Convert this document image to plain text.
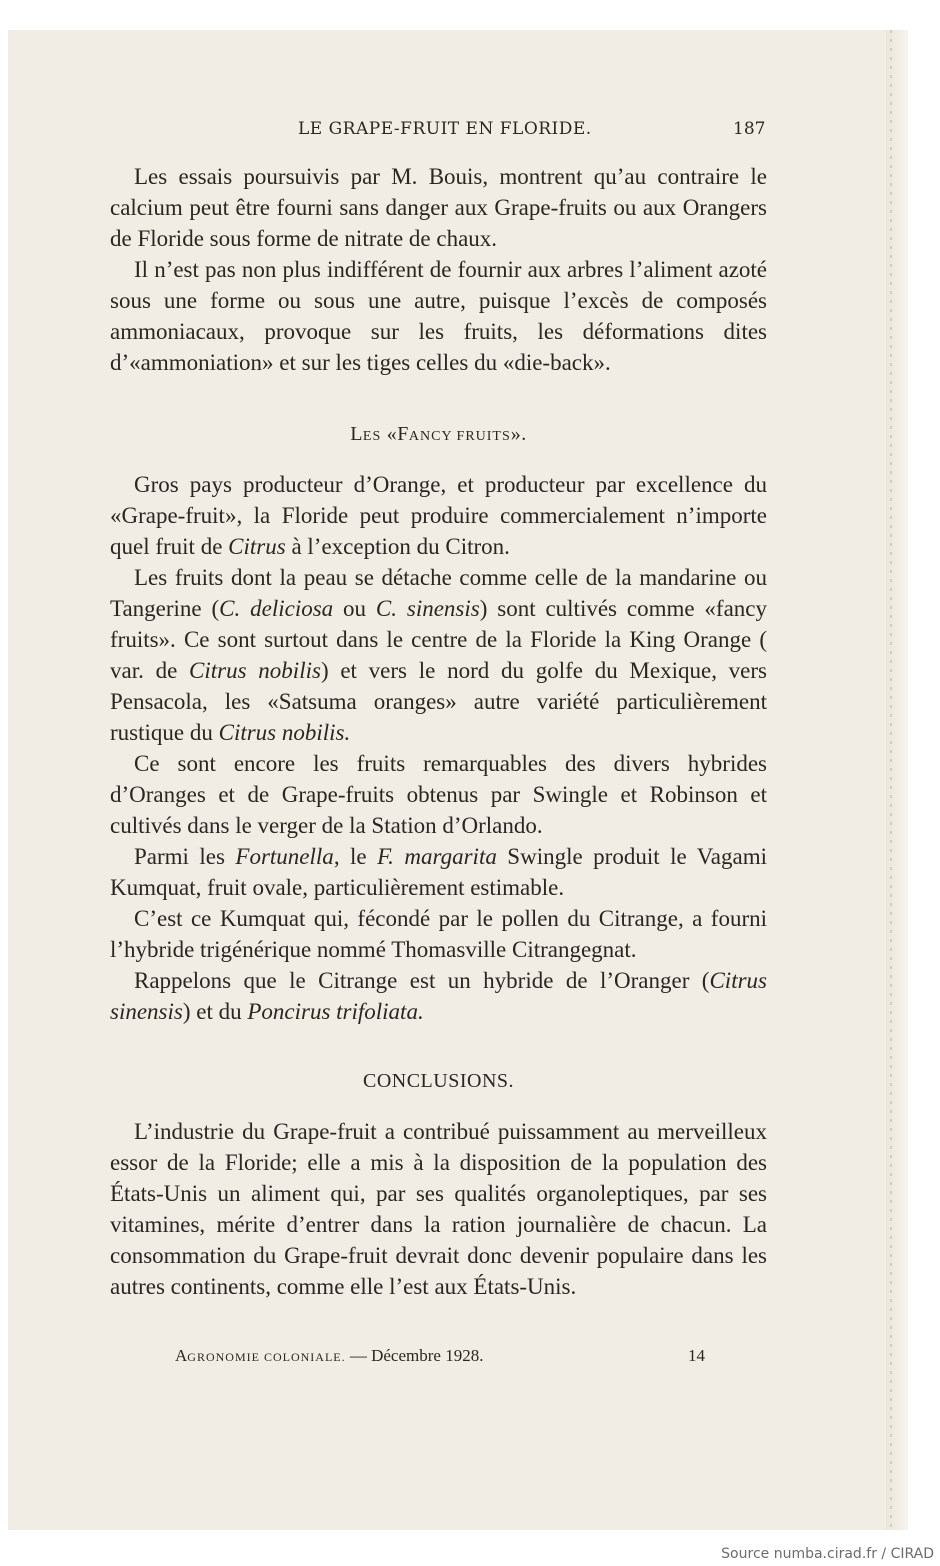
LE GRAPE-FRUIT EN FLORIDE.	187

Les essais poursuivis par M. Bouis, montrent qu’au contraire le calcium peut être fourni sans danger aux Grape-fruits ou aux Orangers de Floride sous forme de nitrate de chaux.

Il n’est pas non plus indifférent de fournir aux arbres l’aliment azoté sous une forme ou sous une autre, puisque l’excès de composés ammoniacaux, provoque sur les fruits, les déformations dites d’«ammoniation» et sur les tiges celles du «die-back».

LES «FANCY FRUITS».

Gros pays producteur d’Orange, et producteur par excellence du «Grape-fruit», la Floride peut produire commercialement n’importe quel fruit de Citrus à l’exception du Citron.

Les fruits dont la peau se détache comme celle de la mandarine ou Tangerine (C. deliciosa ou C. sinensis) sont cultivés comme «fancy fruits». Ce sont surtout dans le centre de la Floride la King Orange ( var. de Citrus nobilis) et vers le nord du golfe du Mexique, vers Pensacola, les «Satsuma oranges» autre variété particulièrement rustique du Citrus nobilis.

Ce sont encore les fruits remarquables des divers hybrides d’Oranges et de Grape-fruits obtenus par Swingle et Robinson et cultivés dans le verger de la Station d’Orlando.

Parmi les Fortunella, le F. margarita Swingle produit le Vagami Kumquat, fruit ovale, particulièrement estimable.

C’est ce Kumquat qui, fécondé par le pollen du Citrange, a fourni l’hybride trigénérique nommé Thomasville Citrangegnat.

Rappelons que le Citrange est un hybride de l’Oranger (Citrus sinensis) et du Poncirus trifoliata.

CONCLUSIONS.

L’industrie du Grape-fruit a contribué puissamment au merveilleux essor de la Floride; elle a mis à la disposition de la population des États-Unis un aliment qui, par ses qualités organoleptiques, par ses vitamines, mérite d’entrer dans la ration journalière de chacun. La consommation du Grape-fruit devrait donc devenir populaire dans les autres continents, comme elle l’est aux États-Unis.

AGRONOMIE COLONIALE. — Décembre 1928.	14
Source numba.cirad.fr / CIRAD
